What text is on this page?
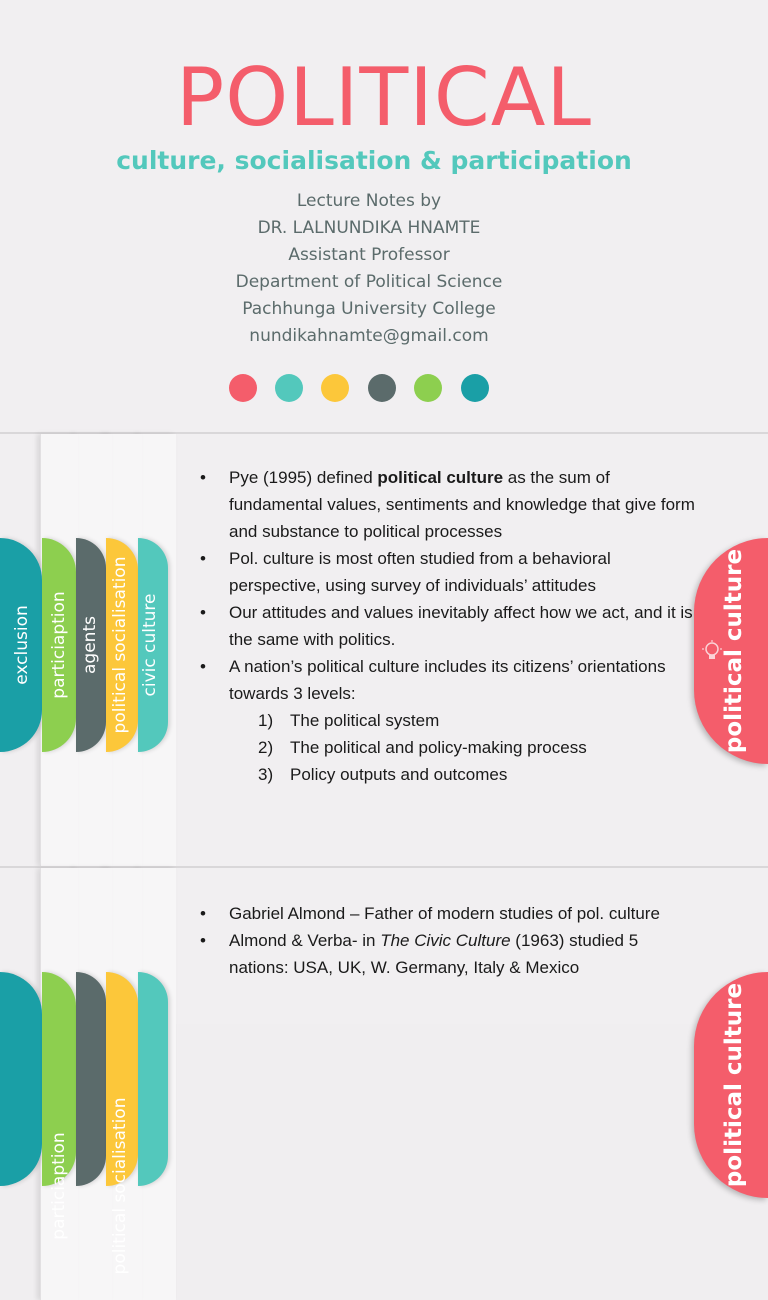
POLITICAL
culture, socialisation & participation
Lecture Notes by
DR. LALNUNDIKA HNAMTE
Assistant Professor
Department of Political Science
Pachhunga University College
nundikahnamte@gmail.com
exclusion particiaption agents political socialisation civic culture
• Pye (1995) defined political culture as the sum of fundamental values, sentiments and knowledge that give form and substance to political processes
• Pol. culture is most often studied from a behavioral perspective, using survey of individuals’ attitudes
• Our attitudes and values inevitably affect how we act, and it is the same with politics.
• A nation’s political culture includes its citizens’ orientations towards 3 levels:
1) The political system
2) The political and policy-making process
3) Policy outputs and outcomes
political culture
particiaption political socialisation
• Gabriel Almond – Father of modern studies of pol. culture
• Almond & Verba- in The Civic Culture (1963) studied 5 nations: USA, UK, W. Germany, Italy & Mexico
political culture
